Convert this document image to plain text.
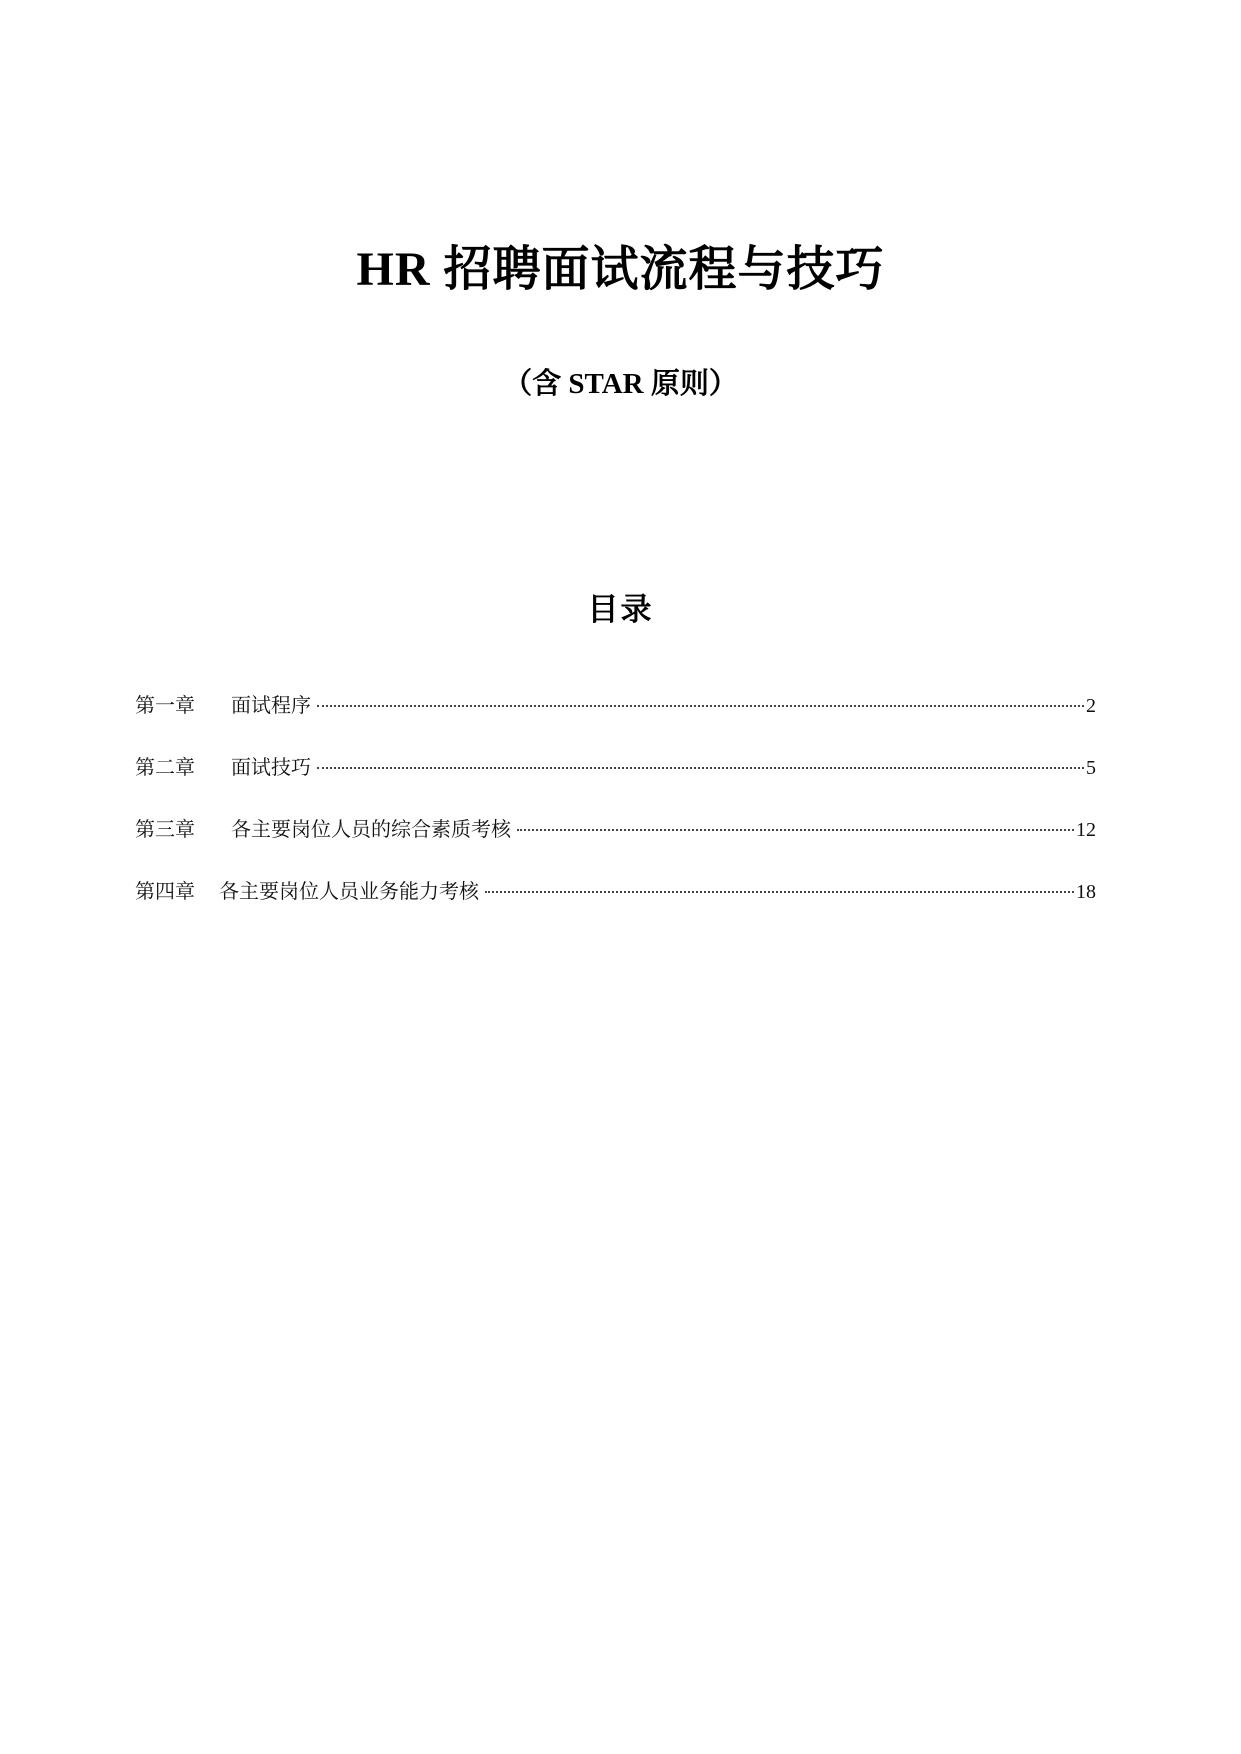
HR 招聘面试流程与技巧
（含 STAR 原则）
目录
第一章 面试程序	2
第二章 面试技巧	5
第三章 各主要岗位人员的综合素质考核	12
第四章 各主要岗位人员业务能力考核	18
